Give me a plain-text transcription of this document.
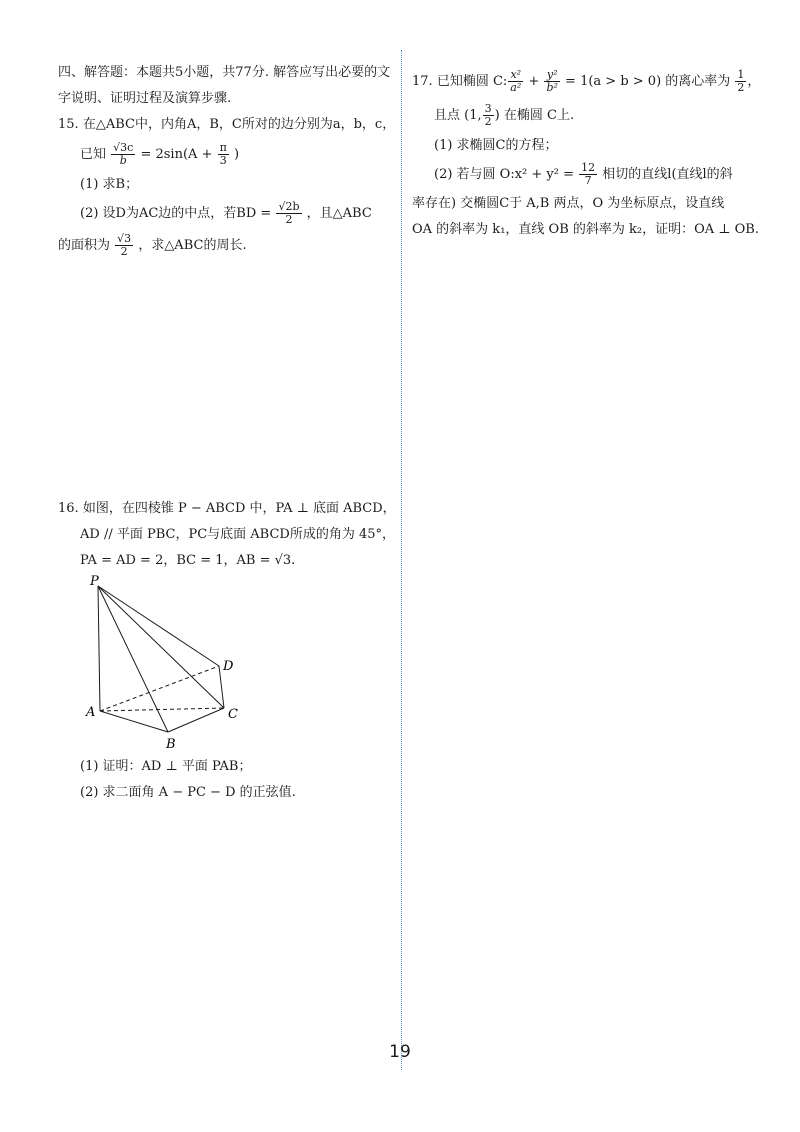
四、解答题：本题共5小题，共77分. 解答应写出必要的文
字说明、证明过程及演算步骤.
15. 在△ABC中，内角A，B，C所对的边分别为a，b，c，
已知 $\frac{√3c}{b} = 2\sin(A + \frac{\pi}{3}$ )
(1) 求B；
(2) 设D为AC边的中点，若BD = $\frac{√2b}{2}$ ，且△ABC
的面积为 $\frac{√3}{2}$ ，求△ABC的周长.
16. 如图，在四棱锥 P − ABCD 中，PA ⊥ 底面 ABCD，
AD // 平面 PBC，PC与底面 ABCD所成的角为 45°，
PA = AD = 2，BC = 1，AB = √3.
P
A
B
C
D
(1) 证明：AD ⊥ 平面 PAB；
(2) 求二面角 A − PC − D 的正弦值.
17. 已知椭圆 C: $\frac{\text{x²}}{\text{a²}} + \frac{\text{y²}}{\text{b²}} = 1(a > b > 0)$ 的离心率为 $\frac{1}{2}$ ，
且点 (1, $\frac{3}{2}$ ) 在椭圆 C上.
(1) 求椭圆C的方程；
(2) 若与圆 O:x² + $y^2 = \frac{12}{7}$ 相切的直线l(直线l的斜
率存在) 交椭圆C于 A,B 两点，O 为坐标原点，设直线
OA 的斜率为 k₁，直线 OB 的斜率为 k₂，证明：OA ⊥ OB.
19
